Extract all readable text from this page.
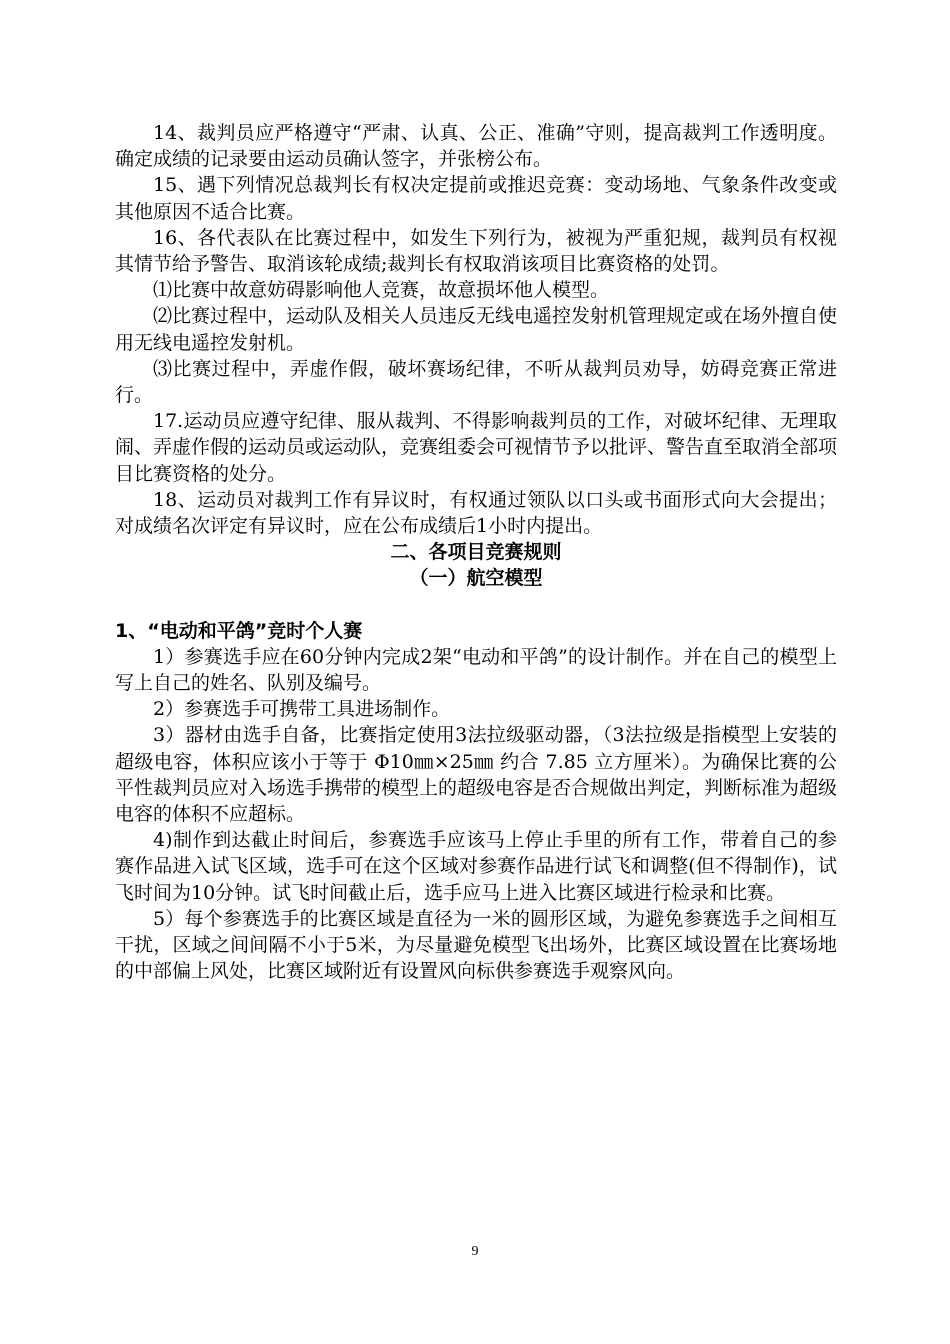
14、裁判员应严格遵守“严肃、认真、公正、准确”守则，提高裁判工作透明度。确定成绩的记录要由运动员确认签字，并张榜公布。

15、遇下列情况总裁判长有权决定提前或推迟竞赛：变动场地、气象条件改变或其他原因不适合比赛。

16、各代表队在比赛过程中，如发生下列行为，被视为严重犯规，裁判员有权视其情节给予警告、取消该轮成绩;裁判长有权取消该项目比赛资格的处罚。

⑴比赛中故意妨碍影响他人竞赛，故意损坏他人模型。

⑵比赛过程中，运动队及相关人员违反无线电遥控发射机管理规定或在场外擅自使用无线电遥控发射机。

⑶比赛过程中，弄虚作假，破坏赛场纪律，不听从裁判员劝导，妨碍竞赛正常进行。

17.运动员应遵守纪律、服从裁判、不得影响裁判员的工作，对破坏纪律、无理取闹、弄虚作假的运动员或运动队，竞赛组委会可视情节予以批评、警告直至取消全部项目比赛资格的处分。

18、运动员对裁判工作有异议时，有权通过领队以口头或书面形式向大会提出；对成绩名次评定有异议时，应在公布成绩后1小时内提出。

二、各项目竞赛规则

（一）航空模型

1、“电动和平鸽”竞时个人赛

1）参赛选手应在60分钟内完成2架“电动和平鸽”的设计制作。并在自己的模型上写上自己的姓名、队别及编号。

2）参赛选手可携带工具进场制作。

3）器材由选手自备，比赛指定使用3法拉级驱动器，（3法拉级是指模型上安装的超级电容，体积应该小于等于 Φ10㎜×25㎜ 约合 7.85 立方厘米）。为确保比赛的公平性裁判员应对入场选手携带的模型上的超级电容是否合规做出判定，判断标准为超级电容的体积不应超标。

4)制作到达截止时间后，参赛选手应该马上停止手里的所有工作，带着自己的参赛作品进入试飞区域，选手可在这个区域对参赛作品进行试飞和调整(但不得制作)，试飞时间为10分钟。试飞时间截止后，选手应马上进入比赛区域进行检录和比赛。

5）每个参赛选手的比赛区域是直径为一米的圆形区域，为避免参赛选手之间相互干扰，区域之间间隔不小于5米，为尽量避免模型飞出场外，比赛区域设置在比赛场地的中部偏上风处，比赛区域附近有设置风向标供参赛选手观察风向。

9
